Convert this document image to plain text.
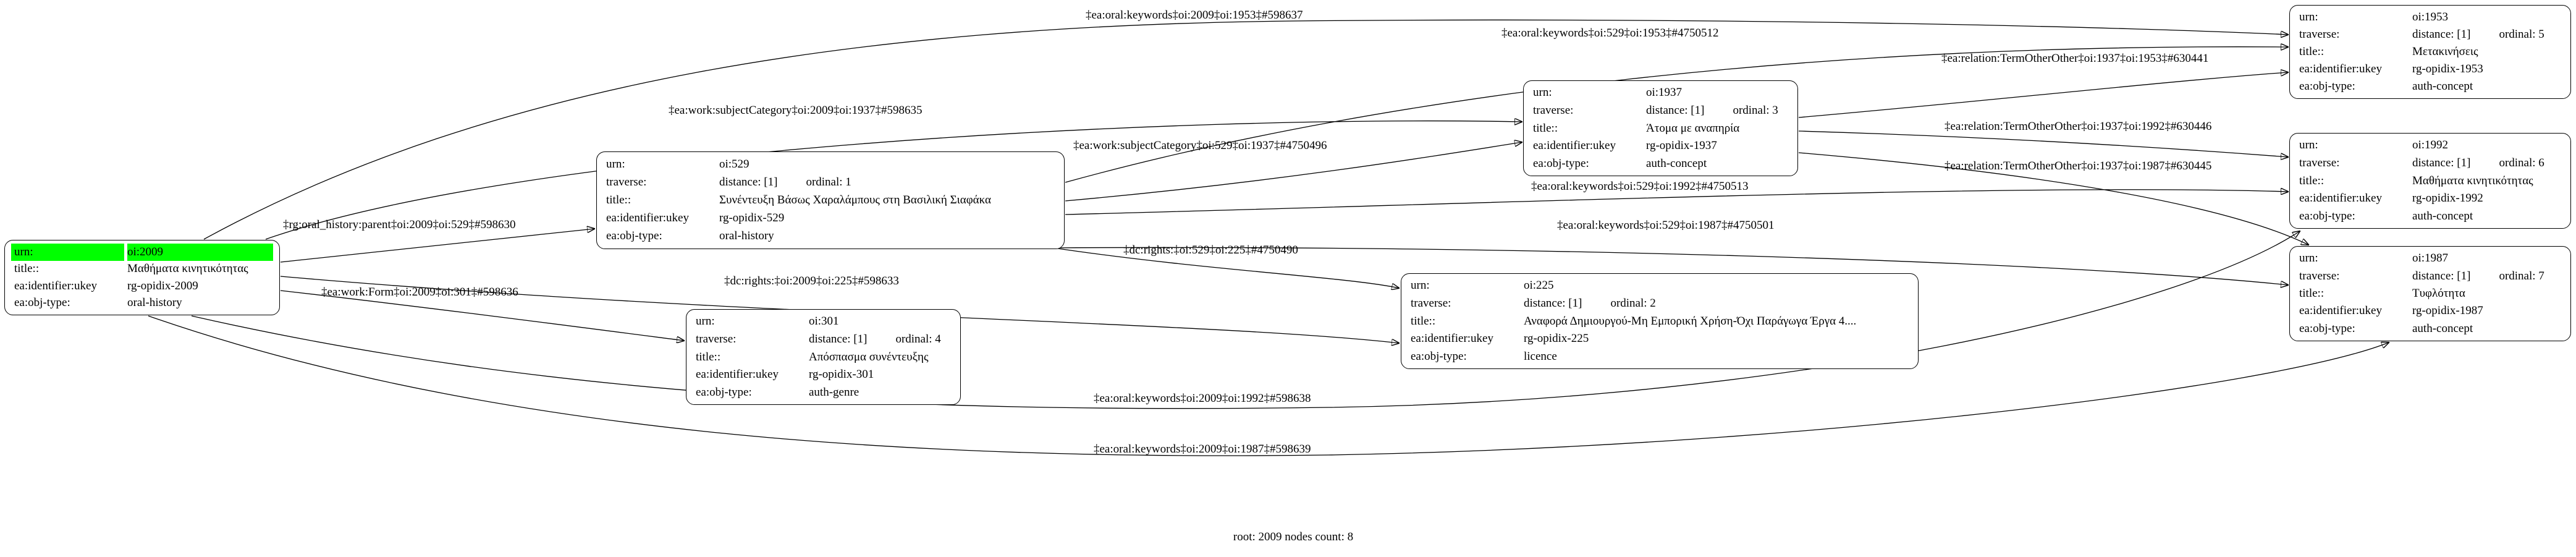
root: 2009 nodes count: 8
urn:	oi:2009
title::	Μαθήματα κινητικότητας
ea:identifier:ukey	rg-opidix-2009
ea:obj-type:	oral-history
urn:	oi:529
traverse:	distance: [1] ordinal: 1
title::	Συνέντευξη Βάσως Χαραλάμπους στη Βασιλική Σιαφάκα
ea:identifier:ukey	rg-opidix-529
ea:obj-type:	oral-history
urn:	oi:301
traverse:	distance: [1] ordinal: 4
title::	Απόσπασμα συνέντευξης
ea:identifier:ukey	rg-opidix-301
ea:obj-type:	auth-genre
urn:	oi:1937
traverse:	distance: [1] ordinal: 3
title::	Άτομα με αναπηρία
ea:identifier:ukey	rg-opidix-1937
ea:obj-type:	auth-concept
urn:	oi:225
traverse:	distance: [1] ordinal: 2
title::	Αναφορά Δημιουργού-Μη Εμπορική Χρήση-Όχι Παράγωγα Έργα 4....
ea:identifier:ukey	rg-opidix-225
ea:obj-type:	licence
urn:	oi:1953
traverse:	distance: [1] ordinal: 5
title::	Μετακινήσεις
ea:identifier:ukey	rg-opidix-1953
ea:obj-type:	auth-concept
urn:	oi:1992
traverse:	distance: [1] ordinal: 6
title::	Μαθήματα κινητικότητας
ea:identifier:ukey	rg-opidix-1992
ea:obj-type:	auth-concept
urn:	oi:1987
traverse:	distance: [1] ordinal: 7
title::	Τυφλότητα
ea:identifier:ukey	rg-opidix-1987
ea:obj-type:	auth-concept
‡ea:oral:keywords‡oi:2009‡oi:1953‡#598637
‡ea:oral:keywords‡oi:529‡oi:1953‡#4750512
‡ea:relation:TermOtherOther‡oi:1937‡oi:1953‡#630441
‡ea:work:subjectCategory‡oi:2009‡oi:1937‡#598635
‡ea:work:subjectCategory‡oi:529‡oi:1937‡#4750496
‡ea:relation:TermOtherOther‡oi:1937‡oi:1992‡#630446
‡ea:relation:TermOtherOther‡oi:1937‡oi:1987‡#630445
‡ea:oral:keywords‡oi:529‡oi:1992‡#4750513
‡ea:oral:keywords‡oi:529‡oi:1987‡#4750501
‡rg:oral_history:parent‡oi:2009‡oi:529‡#598630
‡dc:rights:‡oi:529‡oi:225‡#4750490
‡dc:rights:‡oi:2009‡oi:225‡#598633
‡ea:work:Form‡oi:2009‡oi:301‡#598636
‡ea:oral:keywords‡oi:2009‡oi:1992‡#598638
‡ea:oral:keywords‡oi:2009‡oi:1987‡#598639
